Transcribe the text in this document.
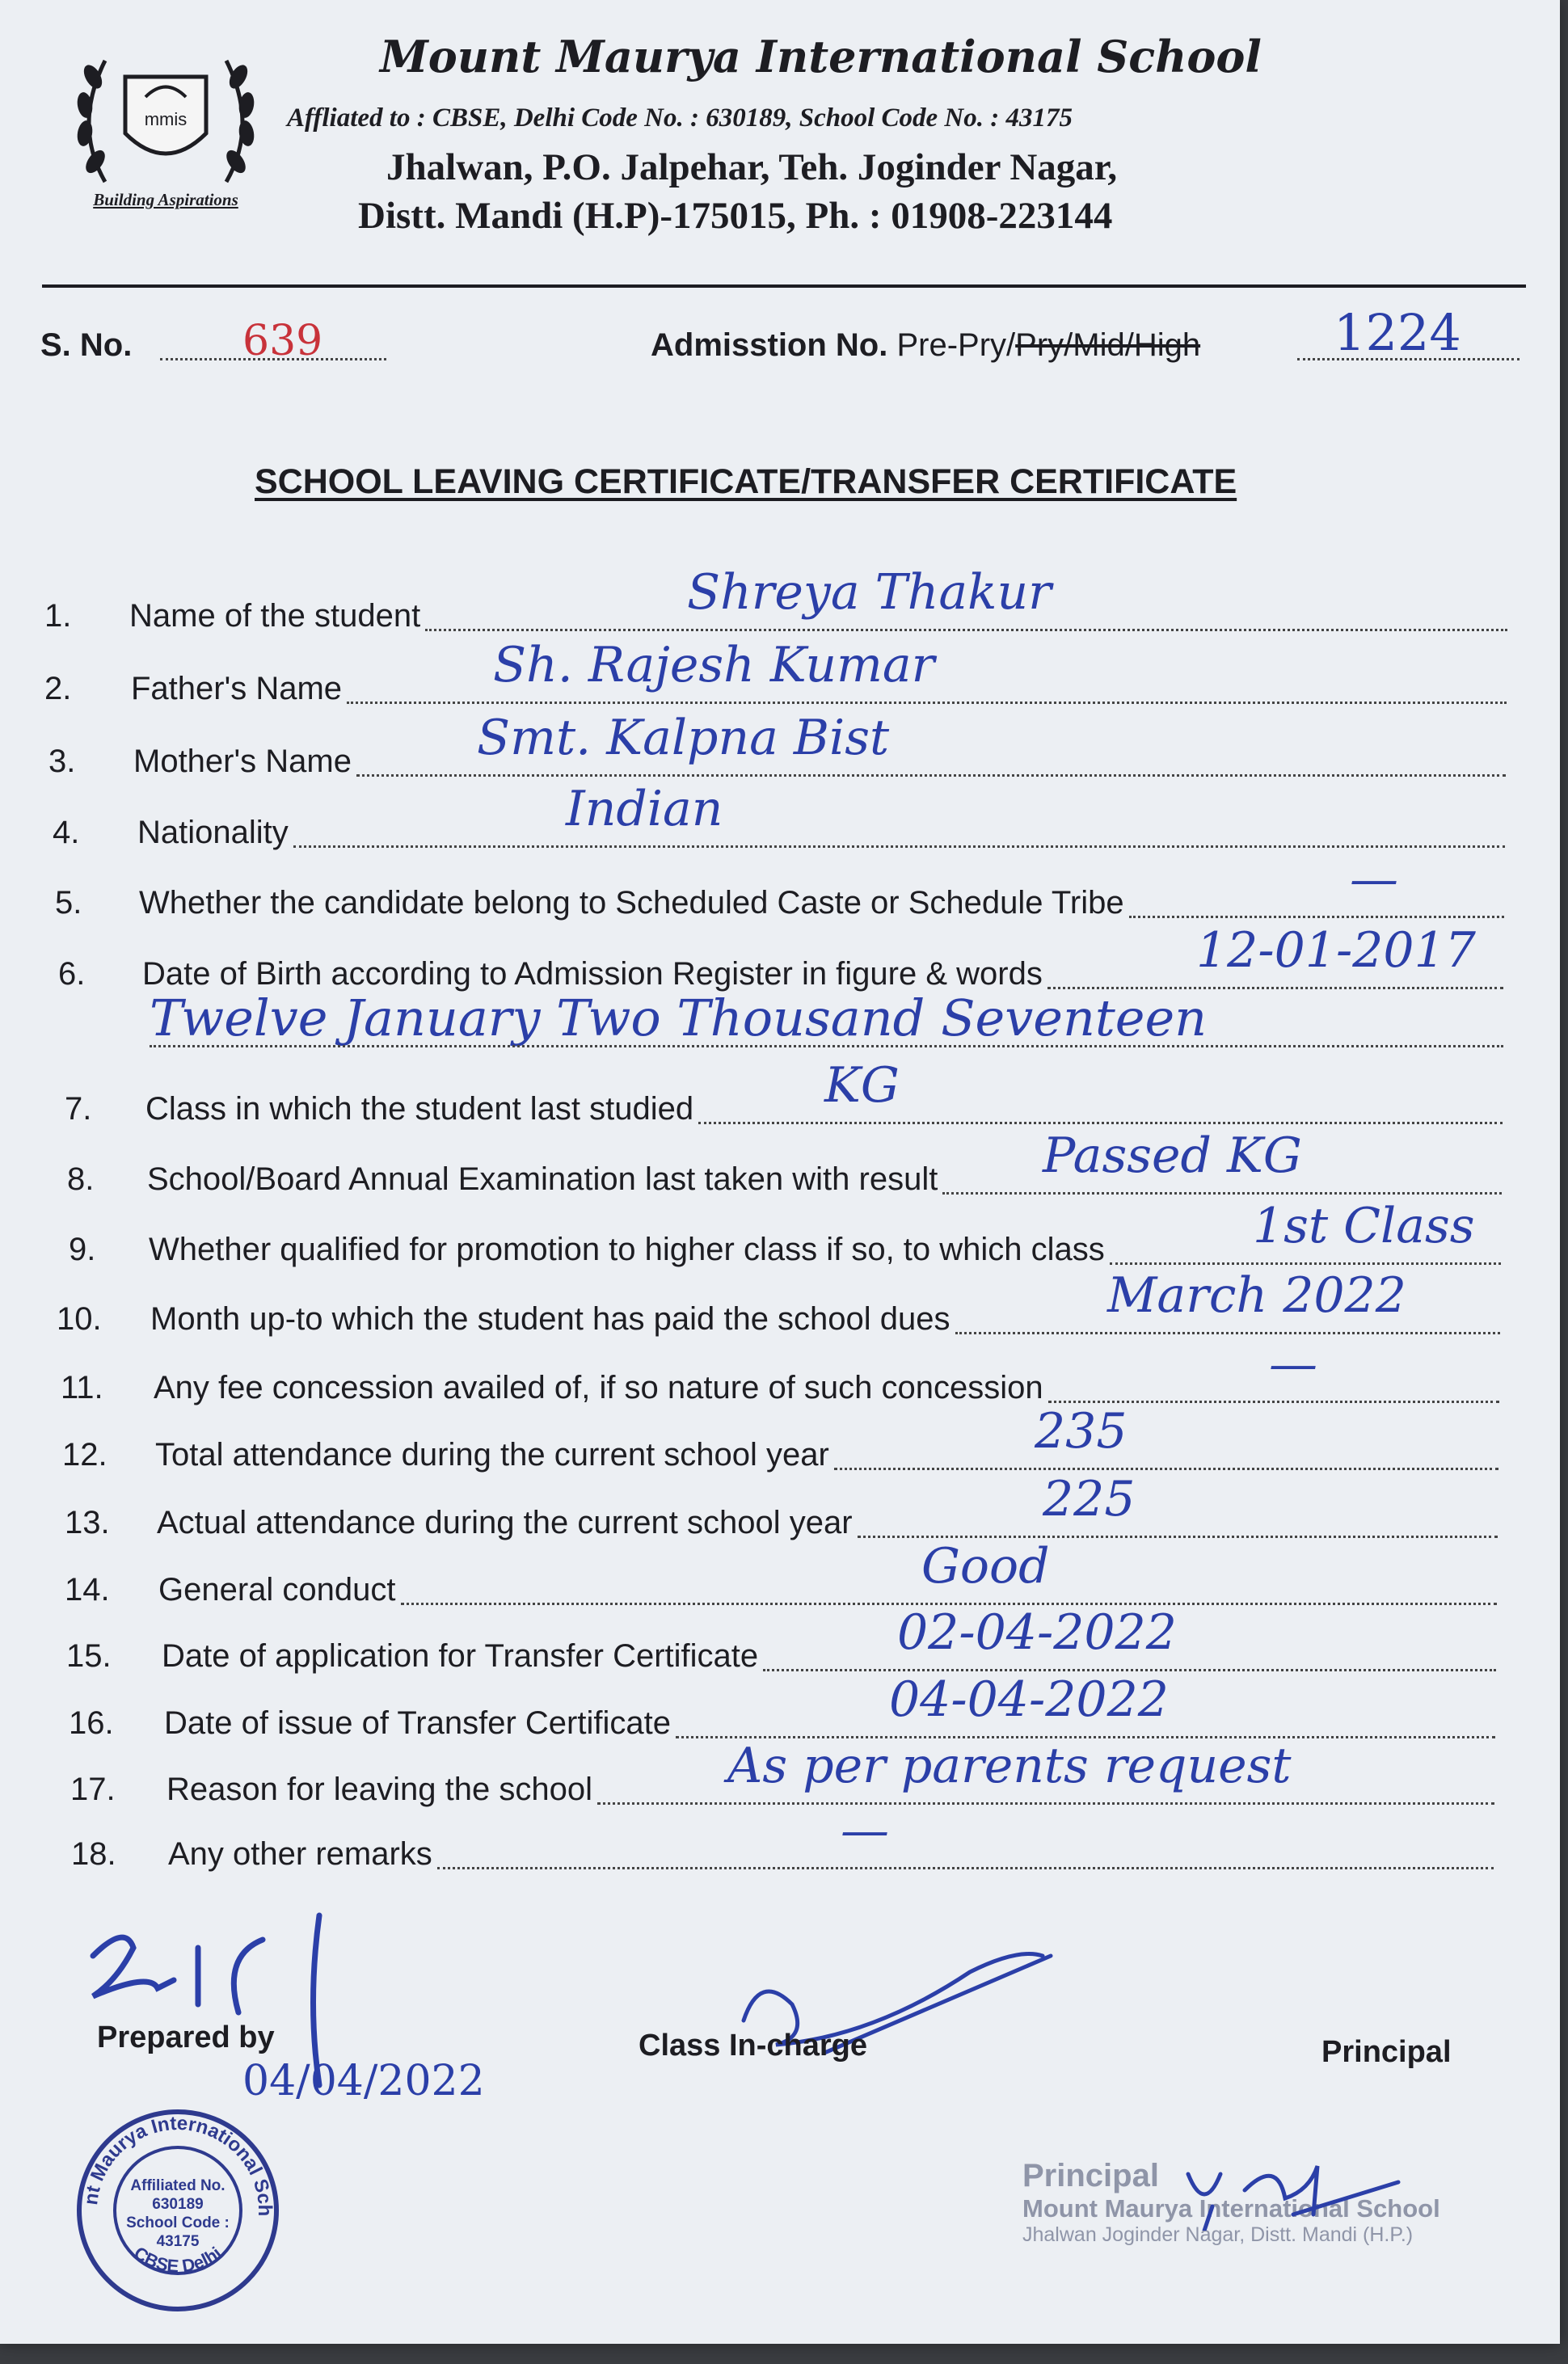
mmis
Building Aspirations
Mount Maurya International School
Affliated to : CBSE, Delhi Code No. : 630189, School Code No. : 43175
Jhalwan, P.O. Jalpehar, Teh. Joginder Nagar,
Distt. Mandi (H.P)-175015, Ph. : 01908-223144
S. No.	639	Admisstion No. Pre-Pry/Pry/Mid/High	1224
SCHOOL LEAVING CERTIFICATE/TRANSFER CERTIFICATE
1. Name of the student	Shreya Thakur
2. Father's Name	Sh. Rajesh Kumar
3. Mother's Name	Smt. Kalpna Bist
4. Nationality	Indian
5. Whether the candidate belong to Scheduled Caste or Schedule Tribe	—
6. Date of Birth according to Admission Register in figure & words	12-01-2017
Twelve January Two Thousand Seventeen
7. Class in which the student last studied	KG
8. School/Board Annual Examination last taken with result Passed KG
9. Whether qualified for promotion to higher class if so, to which class	1st Class
10. Month up-to which the student has paid the school dues	March 2022
11. Any fee concession availed of, if so nature of such concession	—
12. Total attendance during the current school year	235
13. Actual attendance during the current school year	225
14. General conduct	Good
15. Date of application for Transfer Certificate	02-04-2022
16. Date of issue of Transfer Certificate	04-04-2022
17. Reason for leaving the school	As per parents request
18. Any other remarks	—
Prepared by
04/04/2022
Class In-charge	Principal
Principal
Mount Maurya International School
Jhalwan Joginder Nagar, Distt. Mandi (H.P.)
nt Maurya International Sch
CBSE Delhi
Affiliated No.
630189
School Code :
43175
